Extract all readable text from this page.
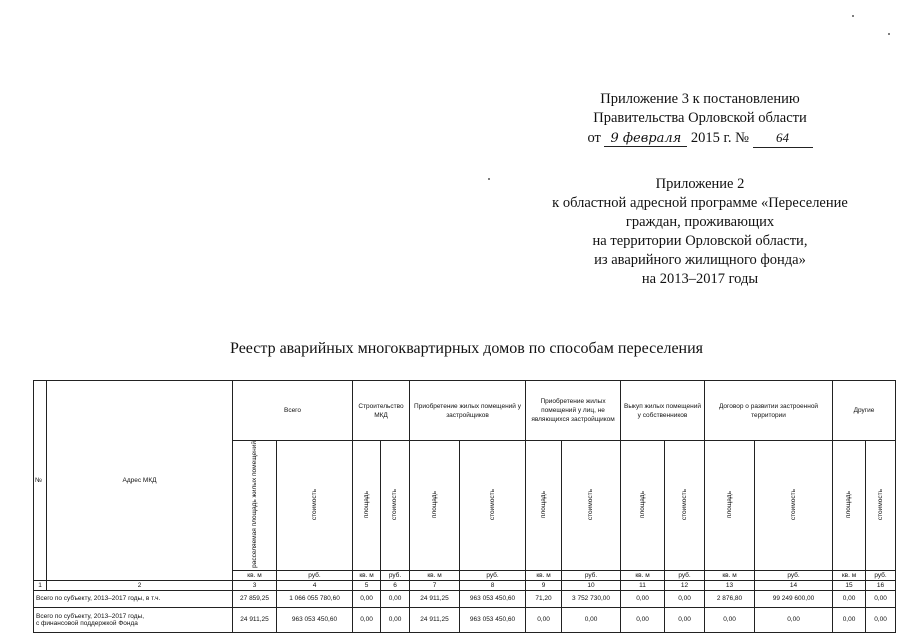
Приложение 3 к постановлению
Правительства Орловской области
от 9 февраля 2015 г. № 64
Приложение 2
к областной адресной программе «Переселение
граждан, проживающих
на территории Орловской области,
из аварийного жилищного фонда»
на 2013–2017 годы
Реестр аварийных многоквартирных домов по способам переселения
№	Адрес МКД	Всего		Строительство МКД		Приобретение жилых помещений у застройщиков		Приобретение жилых помещений у лиц, не являющихся застройщиком		Выкуп жилых помещений у собственников		Договор о развитии застроенной территории		Другие	
		расселяемая площадь жилых помещений	стоимость	площадь	стоимость	площадь	стоимость	площадь	стоимость	площадь	стоимость	площадь	стоимость	площадь	стоимость
		кв. м	руб.	кв. м	руб.	кв. м	руб.	кв. м	руб.	кв. м	руб.	кв. м	руб.	кв. м	руб.
1	2	3	4	5	6	7	8	9	10	11	12	13	14	15	16
Всего по субъекту, 2013–2017 годы, в т.ч.		27 859,25	1 066 055 780,60	0,00	0,00	24 911,25	963 053 450,60	71,20	3 752 730,00	0,00	0,00	2 876,80	99 249 600,00	0,00	0,00
Всего по субъекту, 2013–2017 годы,
с финансовой поддержкой Фонда		24 911,25	963 053 450,60	0,00	0,00	24 911,25	963 053 450,60	0,00	0,00	0,00	0,00	0,00	0,00	0,00	0,00
